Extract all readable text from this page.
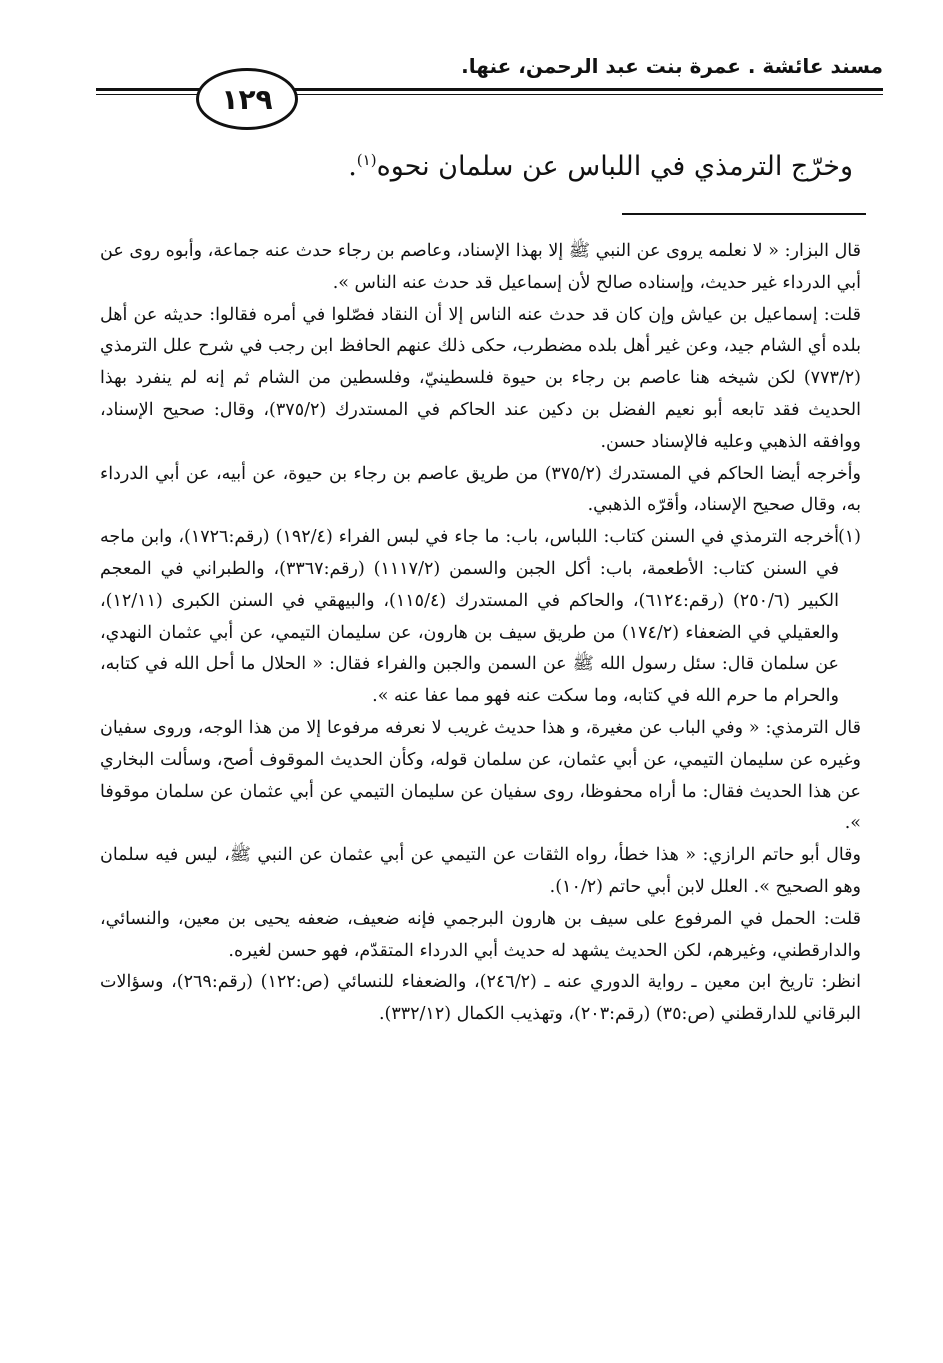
مسند عائشة . عمرة بنت عبد الرحمن، عنها.
١٢٩
وخرّج الترمذي في اللباس عن سلمان نحوه$^{(١)}$.

قال البزار: « لا نعلمه يروى عن النبي ﷺ إلا بهذا الإسناد، وعاصم بن رجاء حدث عنه جماعة، وأبوه روى عن أبي الدرداء غير حديث، وإسناده صالح لأن إسماعيل قد حدث عنه الناس ».

قلت: إسماعيل بن عياش وإن كان قد حدث عنه الناس إلا أن النقاد فصّلوا في أمره فقالوا: حديثه عن أهل بلده أي الشام جيد، وعن غير أهل بلده مضطرب، حكى ذلك عنهم الحافظ ابن رجب في شرح علل الترمذي (٧٧٣/٢) لكن شيخه هنا عاصم بن رجاء بن حيوة فلسطينيّ، وفلسطين من الشام ثم إنه لم ينفرد بهذا الحديث فقد تابعه أبو نعيم الفضل بن دكين عند الحاكم في المستدرك (٣٧٥/٢)، وقال: صحيح الإسناد، ووافقه الذهبي وعليه فالإسناد حسن.

وأخرجه أيضا الحاكم في المستدرك (٣٧٥/٢) من طريق عاصم بن رجاء بن حيوة، عن أبيه، عن أبي الدرداء به، وقال صحيح الإسناد، وأقرّه الذهبي.

(١)
أخرجه الترمذي في السنن كتاب: اللباس، باب: ما جاء في لبس الفراء (١٩٢/٤) (رقم:١٧٢٦)، وابن ماجه في السنن كتاب: الأطعمة، باب: أكل الجبن والسمن (١١١٧/٢) (رقم:٣٣٦٧)، والطبراني في المعجم الكبير (٢٥٠/٦) (رقم:٦١٢٤)، والحاكم في المستدرك (١١٥/٤)، والبيهقي في السنن الكبرى (١٢/١١)، والعقيلي في الضعفاء (١٧٤/٢) من طريق سيف بن هارون، عن سليمان التيمي، عن أبي عثمان النهدي، عن سلمان قال: سئل رسول الله ﷺ عن السمن والجبن والفراء فقال: « الحلال ما أحل الله في كتابه، والحرام ما حرم الله في كتابه، وما سكت عنه فهو مما عفا عنه ».

قال الترمذي: « وفي الباب عن مغيرة، و هذا حديث غريب لا نعرفه مرفوعا إلا من هذا الوجه، وروى سفيان وغيره عن سليمان التيمي، عن أبي عثمان، عن سلمان قوله، وكأن الحديث الموقوف أصح، وسألت البخاري عن هذا الحديث فقال: ما أراه محفوظا، روى سفيان عن سليمان التيمي عن أبي عثمان عن سلمان موقوفا ».

وقال أبو حاتم الرازي: « هذا خطأ، رواه الثقات عن التيمي عن أبي عثمان عن النبي ﷺ، ليس فيه سلمان وهو الصحيح ». العلل لابن أبي حاتم (١٠/٢).

قلت: الحمل في المرفوع على سيف بن هارون البرجمي فإنه ضعيف، ضعفه يحيى بن معين، والنسائي، والدارقطني، وغيرهم، لكن الحديث يشهد له حديث أبي الدرداء المتقدّم، فهو حسن لغيره.

انظر: تاريخ ابن معين ـ رواية الدوري عنه ـ (٢٤٦/٢)، والضعفاء للنسائي (ص:١٢٢) (رقم:٢٦٩)، وسؤالات البرقاني للدارقطني (ص:٣٥) (رقم:٢٠٣)، وتهذيب الكمال (٣٣٢/١٢).
